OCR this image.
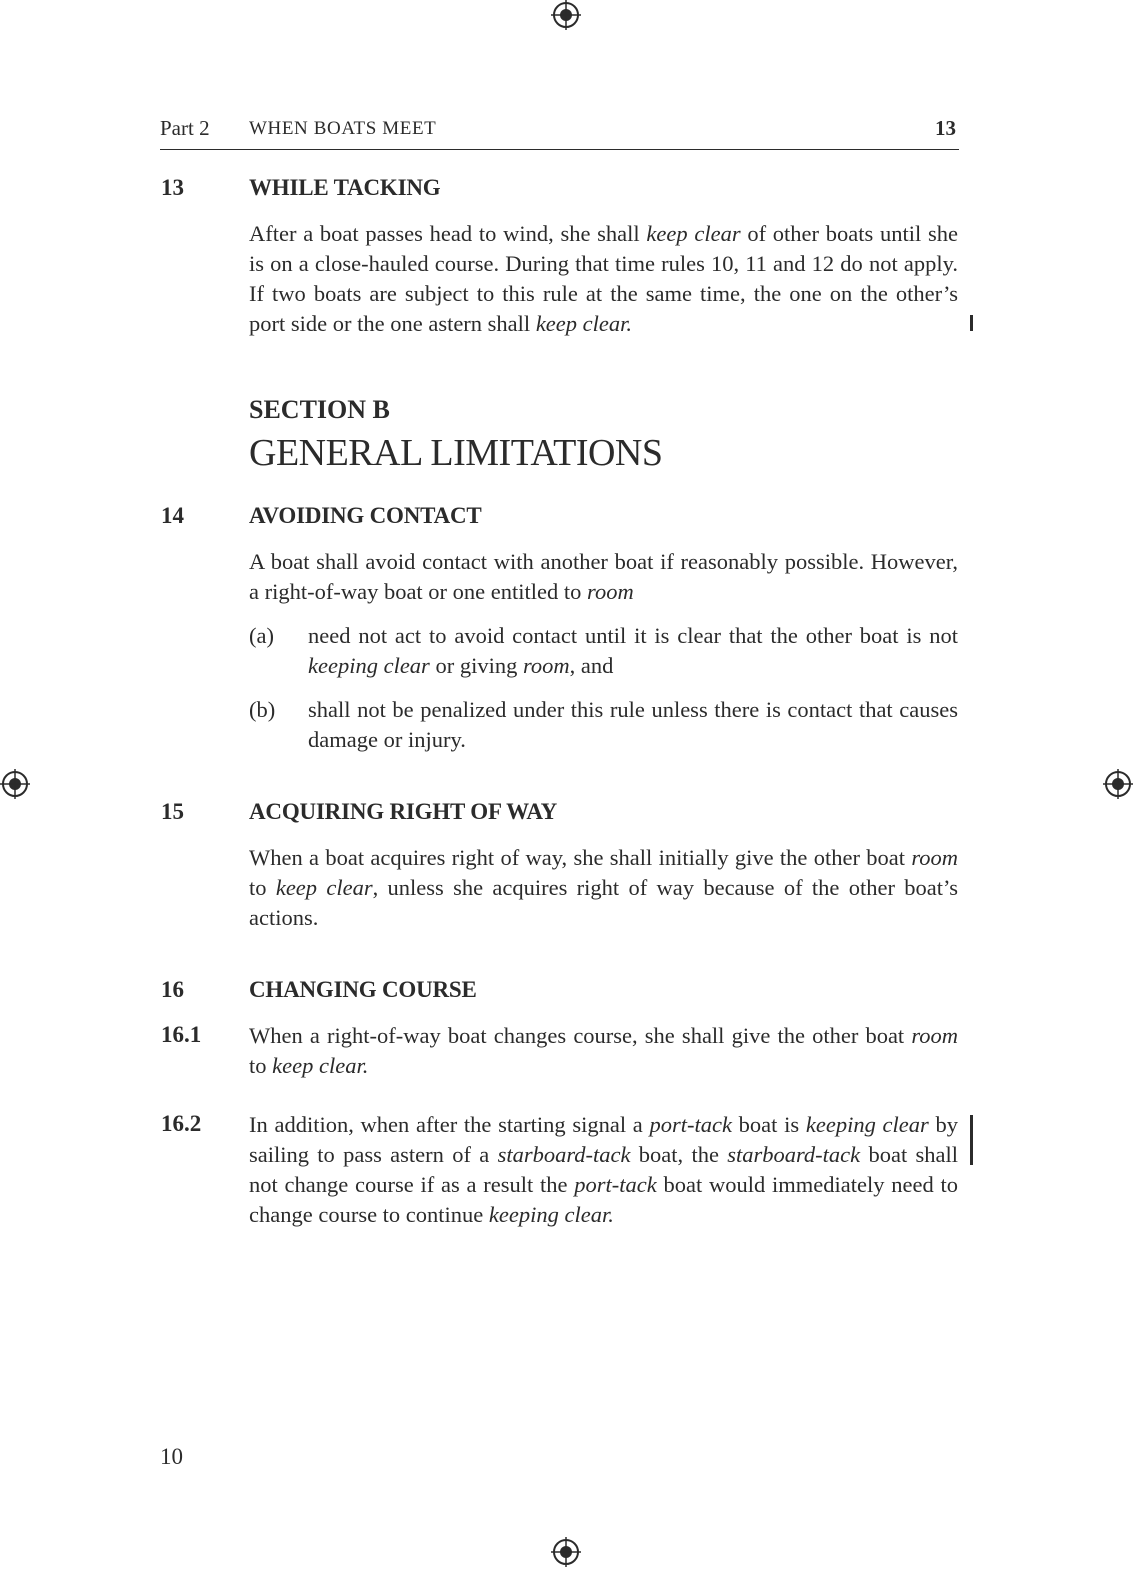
Part 2 WHEN BOATS MEET	13
13	WHILE TACKING
After a boat passes head to wind, she shall keep clear of other boats until she is on a close-hauled course. During that time rules 10, 11 and 12 do not apply. If two boats are subject to this rule at the same time, the one on the other’s port side or the one astern shall keep clear.
SECTION B
GENERAL LIMITATIONS
14	AVOIDING CONTACT
A boat shall avoid contact with another boat if reasonably possible. However, a right-of-way boat or one entitled to room
(a) need not act to avoid contact until it is clear that the other boat is not keeping clear or giving room, and
(b) shall not be penalized under this rule unless there is contact that causes damage or injury.
15	ACQUIRING RIGHT OF WAY
When a boat acquires right of way, she shall initially give the other boat room to keep clear, unless she acquires right of way because of the other boat’s actions.
16	CHANGING COURSE
16.1 When a right-of-way boat changes course, she shall give the other boat room to keep clear.
16.2 In addition, when after the starting signal a port-tack boat is keeping clear by sailing to pass astern of a starboard-tack boat, the starboard-tack boat shall not change course if as a result the port-tack boat would immediately need to change course to continue keeping clear.
10
